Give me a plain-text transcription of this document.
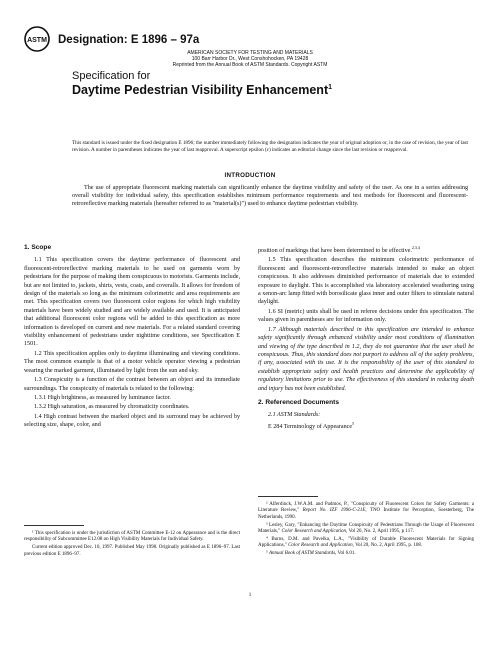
ASTM Designation: E 1896 – 97a
AMERICAN SOCIETY FOR TESTING AND MATERIALS
100 Barr Harbor Dr., West Conshohocken, PA 19428
Reprinted from the Annual Book of ASTM Standards. Copyright ASTM
Specification for
Daytime Pedestrian Visibility Enhancement$^1$
This standard is issued under the fixed designation E 1896; the number immediately following the designation indicates the year of original adoption or, in the case of revision, the year of last revision. A number in parentheses indicates the year of last reapproval. A superscript epsilon (ε) indicates an editorial change since the last revision or reapproval.
INTRODUCTION
The use of appropriate fluorescent marking materials can significantly enhance the daytime visibility and safety of the user. As one in a series addressing overall visibility for individual safety, this specification establishes minimum performance requirements and test methods for fluorescent and fluorescent-retroreflective marking materials (hereafter referred to as "material(s)") used to enhance daytime pedestrian visibility.
1. Scope

1.1 This specification covers the daytime performance of fluorescent and fluorescent-retroreflective marking materials to be used on garments worn by pedestrians for the purpose of making them conspicuous to motorists. Garments include, but are not limited to, jackets, shirts, vests, coats, and coveralls. It allows for freedom of design of the materials so long as the minimum colorimetric and area requirements are met. This specification covers two fluorescent color regions for which high visibility materials have been widely studied and are widely available and used. It is anticipated that additional fluorescent color regions will be added to this specification as more information is developed on current and new materials. For a related standard covering visibility enhancement of pedestrians under nighttime conditions, see Specification E 1501.

1.2 This specification applies only to daytime illuminating and viewing conditions. The most common example is that of a motor vehicle operator viewing a pedestrian wearing the marked garment, illuminated by light from the sun and sky.

1.3 Conspicuity is a function of the contrast between an object and its immediate surroundings. The conspicuity of materials is related to the following:

1.3.1 High brightness, as measured by luminance factor.

1.3.2 High saturation, as measured by chromaticity coordinates.

1.4 High contrast between the marked object and its surround may be achieved by selecting size, shape, color, and

position of markings that have been determined to be effective.$^{2,3,4}$

1.5 This specification describes the minimum colorimetric performance of fluorescent and fluorescent-retroreflective materials intended to make an object conspicuous. It also addresses diminished performance of materials due to extended exposure to daylight. This is accomplished via laboratory accelerated weathering using a xenon-arc lamp fitted with borosilicate glass inner and outer filters to stimulate natural daylight.

1.6 SI (metric) units shall be used in referee decisions under this specification. The values given in parentheses are for information only.

1.7 Although materials described in this specification are intended to enhance safety significantly through enhanced visibility under most conditions of illumination and viewing of the type described in 1.2, they do not guarantee that the user shall be conspicuous. Thus, this standard does not purport to address all of the safety problems, if any, associated with its use. It is the responsibility of the user of this standard to establish appropriate safety and health practices and determine the applicability of regulatory limitations prior to use. The effectiveness of this standard in reducing death and injury has not been established.

2. Referenced Documents

2.1 ASTM Standards:

E 284 Terminology of Appearance$^5$

¹ This specification is under the jurisdiction of ASTM Committee E-12 on Appearance and is the direct responsibility of Subcommittee E12.08 on High Visibility Materials for Individual Safety.

Current edition approved Dec. 10, 1997. Published May 1998. Originally published as E 1896–97. Last previous edition E 1896–97.

² Alferdinck, J.W.A.M. and Padmos, P., "Conspicuity of Fluorescent Colors for Safety Garments: a Literature Review," Report No. IZF 1996-C-21E, TNO Institute for Perception, Soesterberg, The Netherlands, 1990.

³ Lesley, Gary, "Enhancing the Daytime Conspicuity of Pedestrians Through the Usage of Fluorescent Materials," Color Research and Application, Vol 20, No. 2, April 1995, p 117.

⁴ Burns, D.M. and Pavelka, L.A., "Visibility of Durable Fluorescent Materials for Signing Applications," Color Research and Application, Vol 20, No. 2, April 1995, p. 108.

⁵ Annual Book of ASTM Standards, Vol 6.01.

1
